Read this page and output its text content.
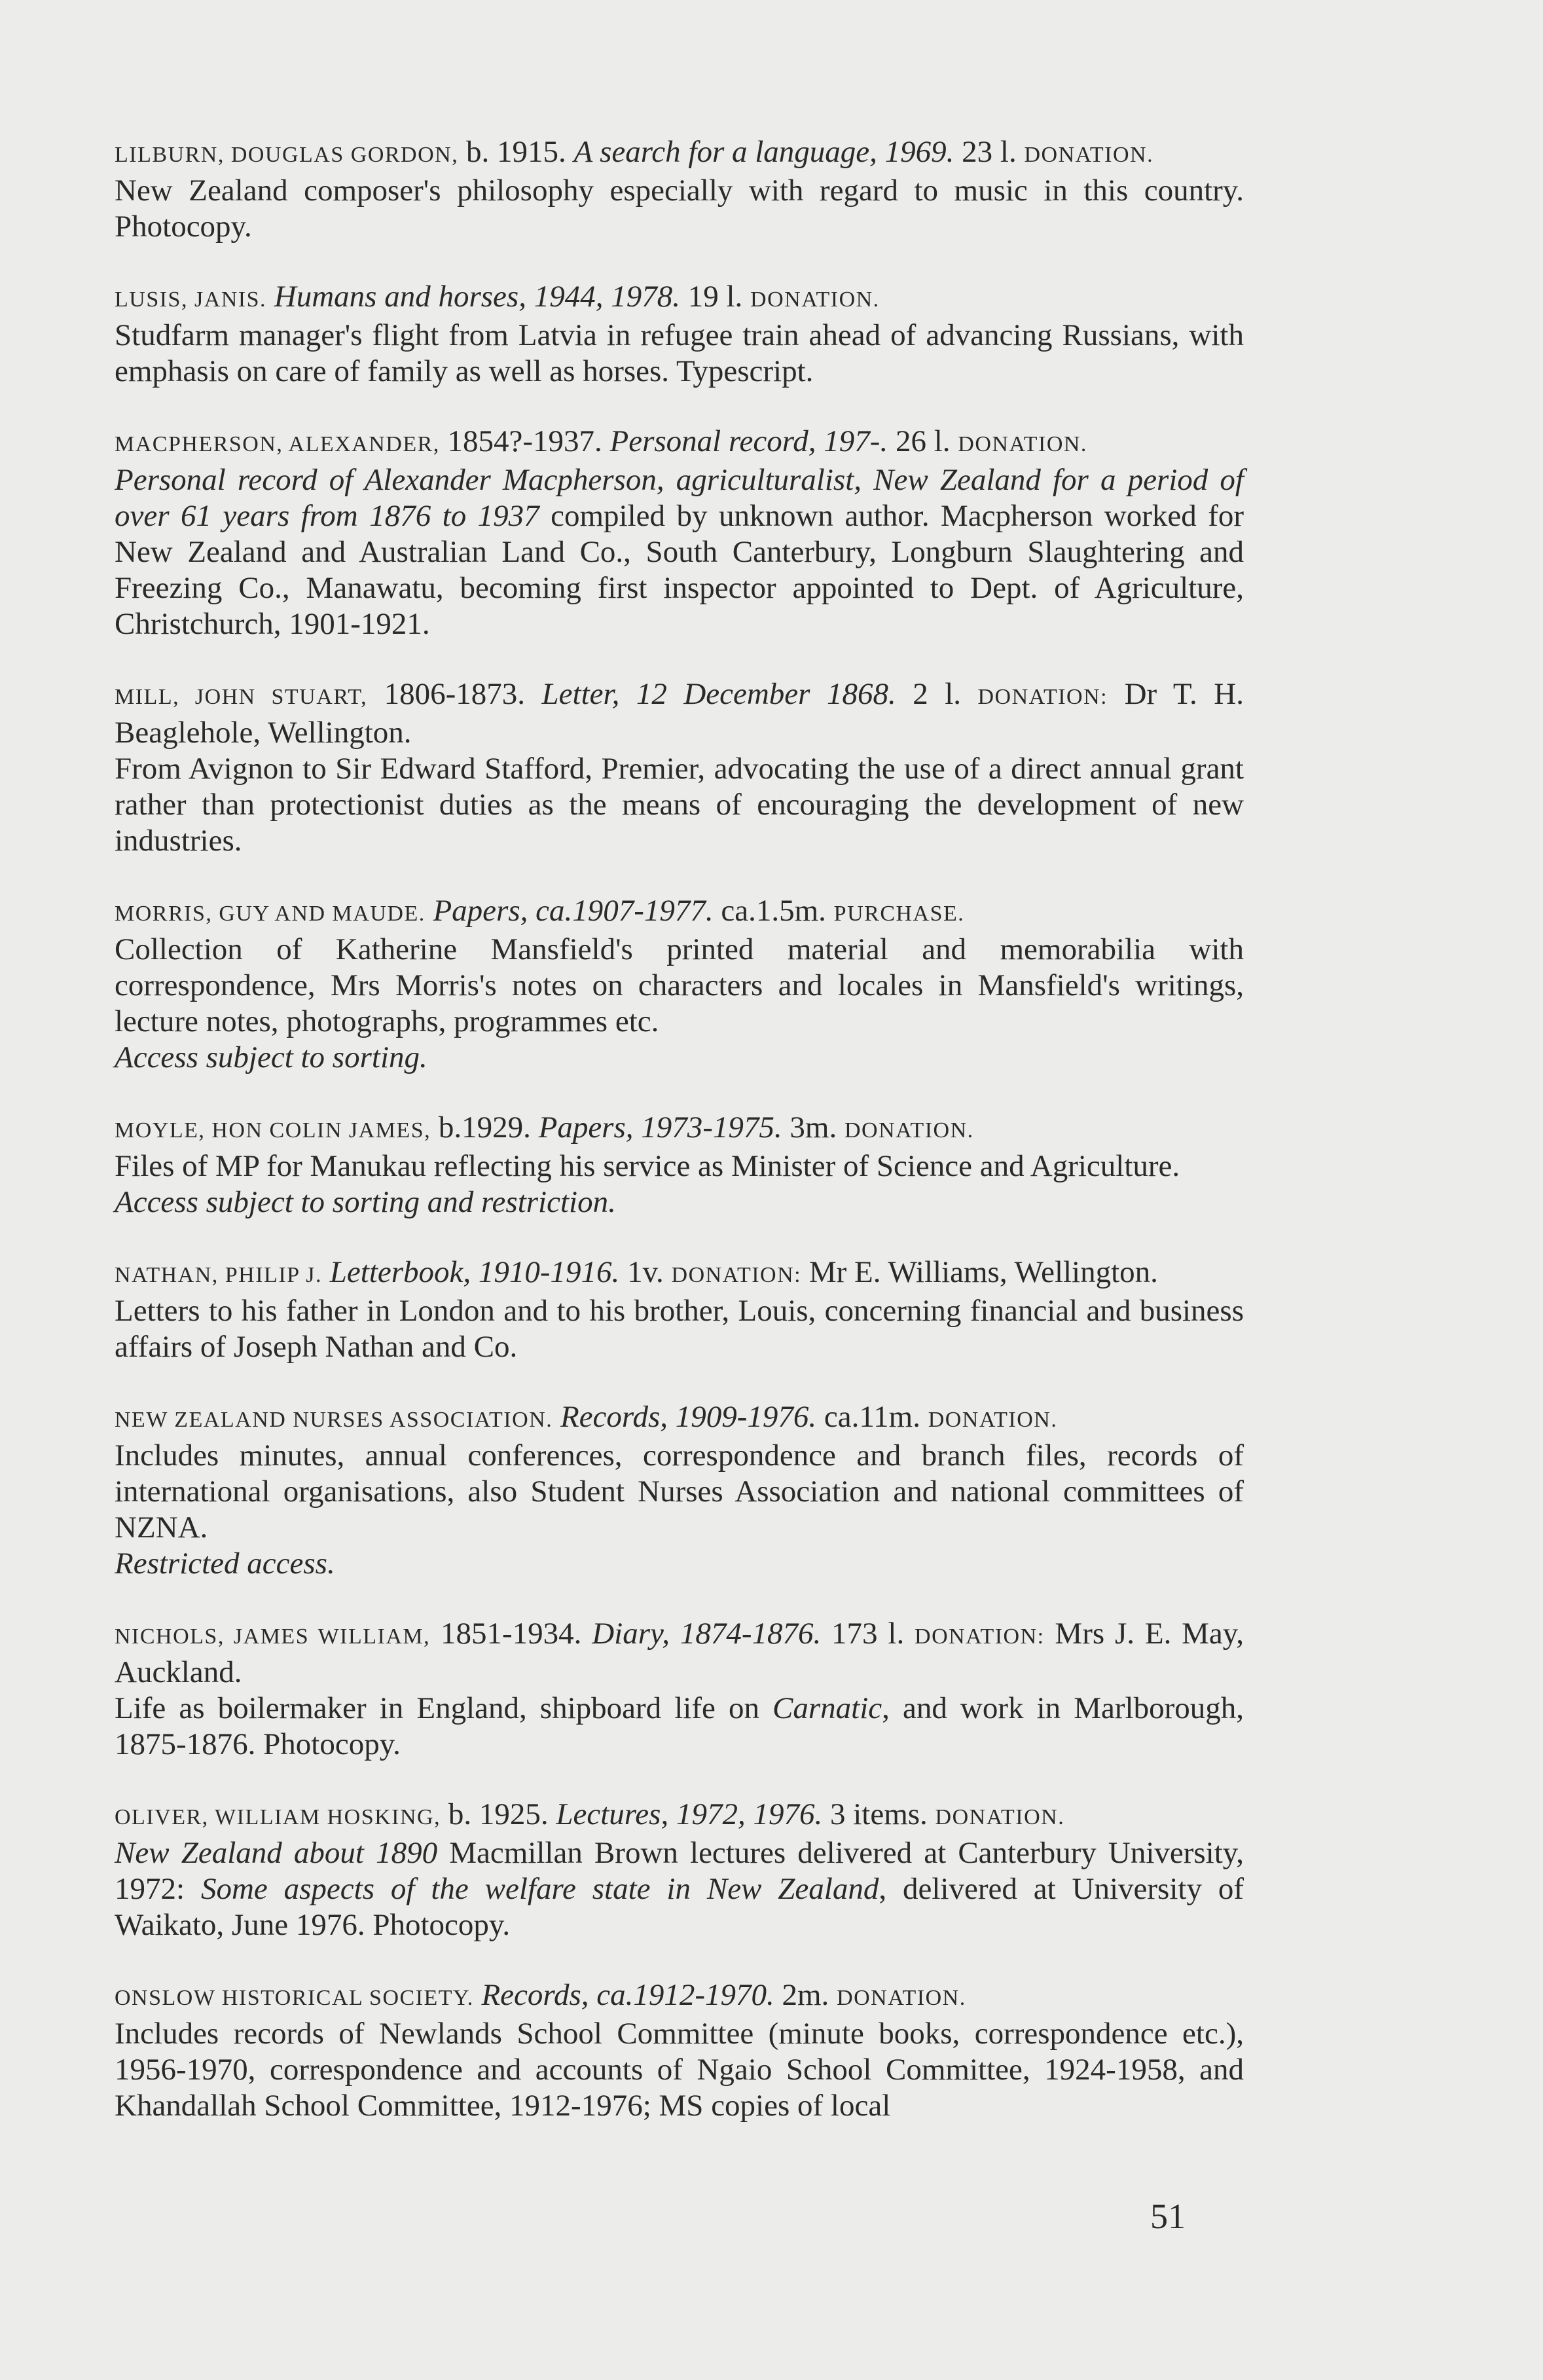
LILBURN, DOUGLAS GORDON, b. 1915. A search for a language, 1969. 23 l. DONATION.
New Zealand composer's philosophy especially with regard to music in this country. Photocopy.

LUSIS, JANIS. Humans and horses, 1944, 1978. 19 l. DONATION.
Studfarm manager's flight from Latvia in refugee train ahead of advancing Russians, with emphasis on care of family as well as horses. Typescript.

MACPHERSON, ALEXANDER, 1854?-1937. Personal record, 197-. 26 l. DONATION.
Personal record of Alexander Macpherson, agriculturalist, New Zealand for a period of over 61 years from 1876 to 1937 compiled by unknown author. Macpherson worked for New Zealand and Australian Land Co., South Canterbury, Longburn Slaughtering and Freezing Co., Manawatu, becoming first inspector appointed to Dept. of Agriculture, Christchurch, 1901-1921.

MILL, JOHN STUART, 1806-1873. Letter, 12 December 1868. 2 l. DONATION: Dr T. H. Beaglehole, Wellington.
From Avignon to Sir Edward Stafford, Premier, advocating the use of a direct annual grant rather than protectionist duties as the means of encouraging the development of new industries.

MORRIS, GUY AND MAUDE. Papers, ca.1907-1977. ca.1.5m. PURCHASE.
Collection of Katherine Mansfield's printed material and memorabilia with correspondence, Mrs Morris's notes on characters and locales in Mansfield's writings, lecture notes, photographs, programmes etc.
Access subject to sorting.

MOYLE, HON COLIN JAMES, b.1929. Papers, 1973-1975. 3m. DONATION.
Files of MP for Manukau reflecting his service as Minister of Science and Agriculture.
Access subject to sorting and restriction.

NATHAN, PHILIP J. Letterbook, 1910-1916. 1v. DONATION: Mr E. Williams, Wellington.
Letters to his father in London and to his brother, Louis, concerning financial and business affairs of Joseph Nathan and Co.

NEW ZEALAND NURSES ASSOCIATION. Records, 1909-1976. ca.11m. DONATION.
Includes minutes, annual conferences, correspondence and branch files, records of international organisations, also Student Nurses Association and national committees of NZNA.
Restricted access.

NICHOLS, JAMES WILLIAM, 1851-1934. Diary, 1874-1876. 173 l. DONATION: Mrs J. E. May, Auckland.
Life as boilermaker in England, shipboard life on Carnatic, and work in Marlborough, 1875-1876. Photocopy.

OLIVER, WILLIAM HOSKING, b. 1925. Lectures, 1972, 1976. 3 items. DONATION.
New Zealand about 1890 Macmillan Brown lectures delivered at Canterbury University, 1972: Some aspects of the welfare state in New Zealand, delivered at University of Waikato, June 1976. Photocopy.

ONSLOW HISTORICAL SOCIETY. Records, ca.1912-1970. 2m. DONATION.
Includes records of Newlands School Committee (minute books, correspondence etc.), 1956-1970, correspondence and accounts of Ngaio School Committee, 1924-1958, and Khandallah School Committee, 1912-1976; MS copies of local

51
